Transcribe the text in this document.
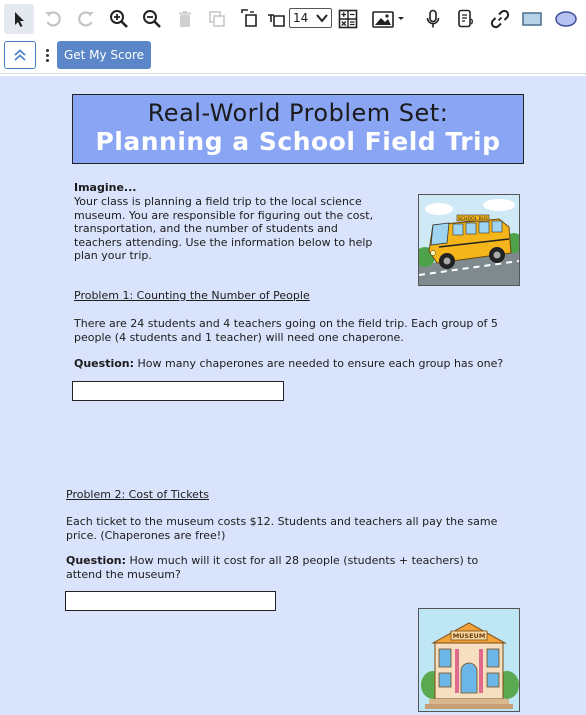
14
Get My Score
Real-World Problem Set:
Planning a School Field Trip
Imagine...
Your class is planning a field trip to the local science
museum. You are responsible for figuring out the cost,
transportation, and the number of students and
teachers attending. Use the information below to help
plan your trip.
SCHOOL BUS
Problem 1: Counting the Number of People
There are 24 students and 4 teachers going on the field trip. Each group of 5
people (4 students and 1 teacher) will need one chaperone.
Question: How many chaperones are needed to ensure each group has one?
Problem 2: Cost of Tickets
Each ticket to the museum costs $12. Students and teachers all pay the same
price. (Chaperones are free!)
Question: How much will it cost for all 28 people (students + teachers) to
attend the museum?
MUSEUM
